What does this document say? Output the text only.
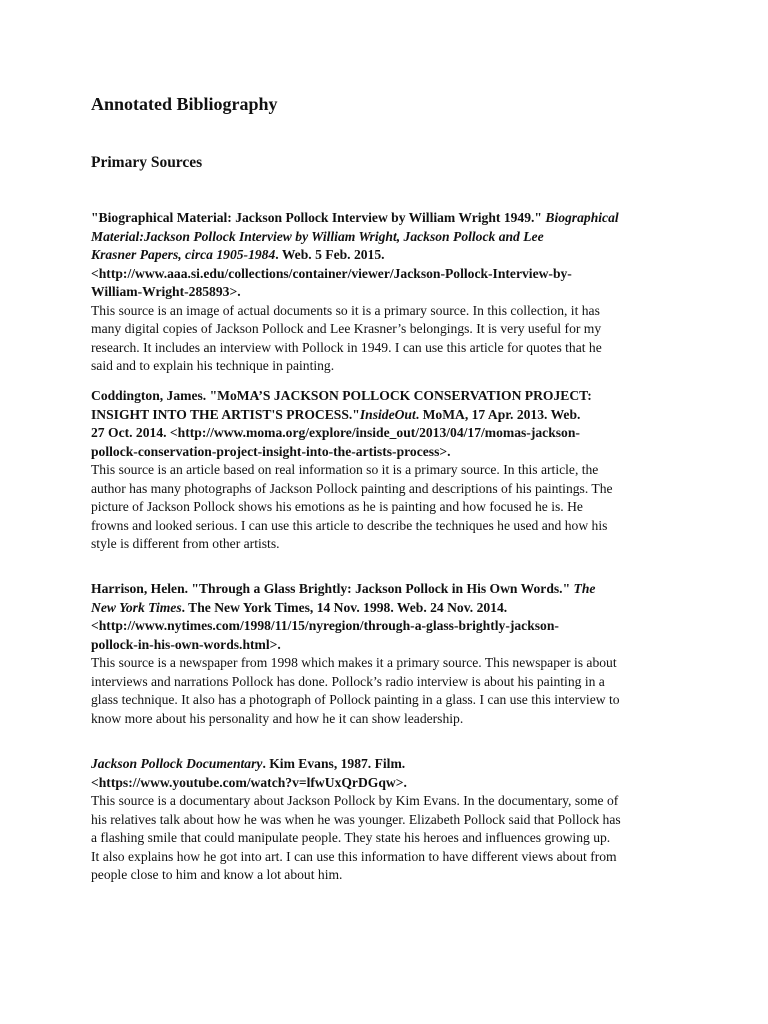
Annotated Bibliography
Primary Sources
"Biographical Material: Jackson Pollock Interview by William Wright 1949." Biographical
Material:Jackson Pollock Interview by William Wright, Jackson Pollock and Lee
Krasner Papers, circa 1905-1984. Web. 5 Feb. 2015.
<http://www.aaa.si.edu/collections/container/viewer/Jackson-Pollock-Interview-by-
William-Wright-285893>.
This source is an image of actual documents so it is a primary source. In this collection, it has
many digital copies of Jackson Pollock and Lee Krasner’s belongings. It is very useful for my
research. It includes an interview with Pollock in 1949. I can use this article for quotes that he
said and to explain his technique in painting.
Coddington, James. "MoMA’S JACKSON POLLOCK CONSERVATION PROJECT:
INSIGHT INTO THE ARTIST'S PROCESS."InsideOut. MoMA, 17 Apr. 2013. Web.
27 Oct. 2014. <http://www.moma.org/explore/inside_out/2013/04/17/momas-jackson-
pollock-conservation-project-insight-into-the-artists-process>.
This source is an article based on real information so it is a primary source. In this article, the
author has many photographs of Jackson Pollock painting and descriptions of his paintings. The
picture of Jackson Pollock shows his emotions as he is painting and how focused he is. He
frowns and looked serious. I can use this article to describe the techniques he used and how his
style is different from other artists.
Harrison, Helen. "Through a Glass Brightly: Jackson Pollock in His Own Words." The
New York Times. The New York Times, 14 Nov. 1998. Web. 24 Nov. 2014.
<http://www.nytimes.com/1998/11/15/nyregion/through-a-glass-brightly-jackson-
pollock-in-his-own-words.html>.
This source is a newspaper from 1998 which makes it a primary source. This newspaper is about
interviews and narrations Pollock has done. Pollock’s radio interview is about his painting in a
glass technique. It also has a photograph of Pollock painting in a glass. I can use this interview to
know more about his personality and how he it can show leadership.
Jackson Pollock Documentary. Kim Evans, 1987. Film.
<https://www.youtube.com/watch?v=lfwUxQrDGqw>.
This source is a documentary about Jackson Pollock by Kim Evans. In the documentary, some of
his relatives talk about how he was when he was younger. Elizabeth Pollock said that Pollock has
a flashing smile that could manipulate people. They state his heroes and influences growing up.
It also explains how he got into art. I can use this information to have different views about from
people close to him and know a lot about him.
